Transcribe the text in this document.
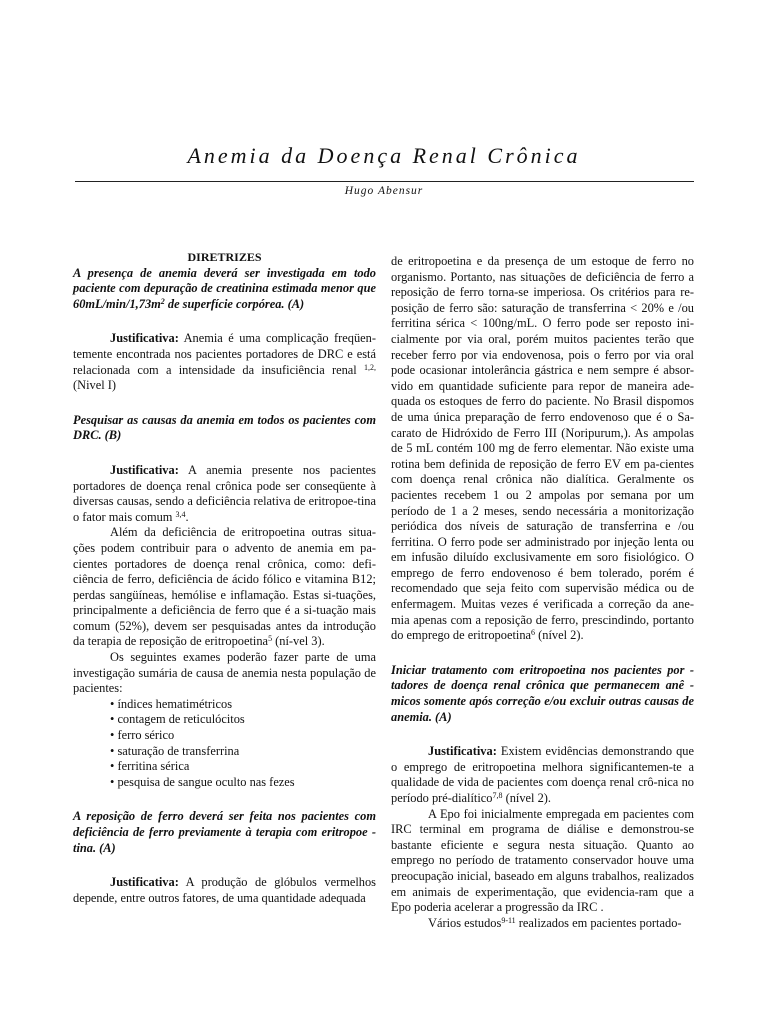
Anemia da Doença Renal Crônica
Hugo Abensur

DIRETRIZES

A presença de anemia deverá ser investigada em todo paciente com depuração de creatinina estimada menor que $60mL/\min/1,73m^2$ de superfície corpórea. (A)

Justificativa: Anemia é uma complicação freqüen-temente encontrada nos pacientes portadores de DRC e está relacionada com a intensidade da insuficiência renal $^{1,2,}$ (Nivel I)

Pesquisar as causas da anemia em todos os pacientes com DRC. (B)

Justificativa: A anemia presente nos pacientes portadores de doença renal crônica pode ser conseqüente à diversas causas, sendo a deficiência relativa de eritropoe-tina o fator mais comum $^{3,4}$.

Além da deficiência de eritropoetina outras situa-ções podem contribuir para o advento de anemia em pa-cientes portadores de doença renal crônica, como: defi-ciência de ferro, deficiência de ácido fólico e vitamina B12; perdas sangüíneas, hemólise e inflamação. Estas si-tuações, principalmente a deficiência de ferro que é a si-tuação mais comum (52%), devem ser pesquisadas antes da introdução da terapia de reposição de eritropoetina$^5$ (ní-vel 3).

Os seguintes exames poderão fazer parte de uma investigação sumária de causa de anemia nesta população de pacientes:

• índices hematimétricos
• contagem de reticulócitos
• ferro sérico
• saturação de transferrina
• ferritina sérica
• pesquisa de sangue oculto nas fezes

A reposição de ferro deverá ser feita nos pacientes com deficiência de ferro previamente à terapia com eritropoe - tina. (A)

Justificativa: A produção de glóbulos vermelhos depende, entre outros fatores, de uma quantidade adequada

de eritropoetina e da presença de um estoque de ferro no organismo. Portanto, nas situações de deficiência de ferro a reposição de ferro torna-se imperiosa. Os critérios para re-posição de ferro são: saturação de transferrina < 20% e /ou ferritina sérica < 100ng/mL. O ferro pode ser reposto ini-cialmente por via oral, porém muitos pacientes terão que receber ferro por via endovenosa, pois o ferro por via oral pode ocasionar intolerância gástrica e nem sempre é absor-vido em quantidade suficiente para repor de maneira ade-quada os estoques de ferro do paciente. No Brasil dispomos de uma única preparação de ferro endovenoso que é o Sa-carato de Hidróxido de Ferro III (Noripurum,). As ampolas de 5 mL contém 100 mg de ferro elementar. Não existe uma rotina bem definida de reposição de ferro EV em pa-cientes com doença renal crônica não dialítica. Geralmente os pacientes recebem 1 ou 2 ampolas por semana por um período de 1 a 2 meses, sendo necessária a monitorização periódica dos níveis de saturação de transferrina e /ou ferritina. O ferro pode ser administrado por injeção lenta ou em infusão diluído exclusivamente em soro fisiológico. O emprego de ferro endovenoso é bem tolerado, porém é recomendado que seja feito com supervisão médica ou de enfermagem. Muitas vezes é verificada a correção da ane-mia apenas com a reposição de ferro, prescindindo, portanto do emprego de eritropoetina$^6$ (nível 2).

Iniciar tratamento com eritropoetina nos pacientes por - tadores de doença renal crônica que permanecem anê - micos somente após correção e/ou excluir outras causas de anemia. (A)

Justificativa: Existem evidências demonstrando que o emprego de eritropoetina melhora significantemen-te a qualidade de vida de pacientes com doença renal crô-nica no período pré-dialítico$^{7,8}$ (nível 2).

A Epo foi inicialmente empregada em pacientes com IRC terminal em programa de diálise e demonstrou-se bastante eficiente e segura nesta situação. Quanto ao emprego no período de tratamento conservador houve uma preocupação inicial, baseado em alguns trabalhos, realizados em animais de experimentação, que evidencia-ram que a Epo poderia acelerar a progressão da IRC .

Vários estudos$^{9-11}$ realizados em pacientes portado-
